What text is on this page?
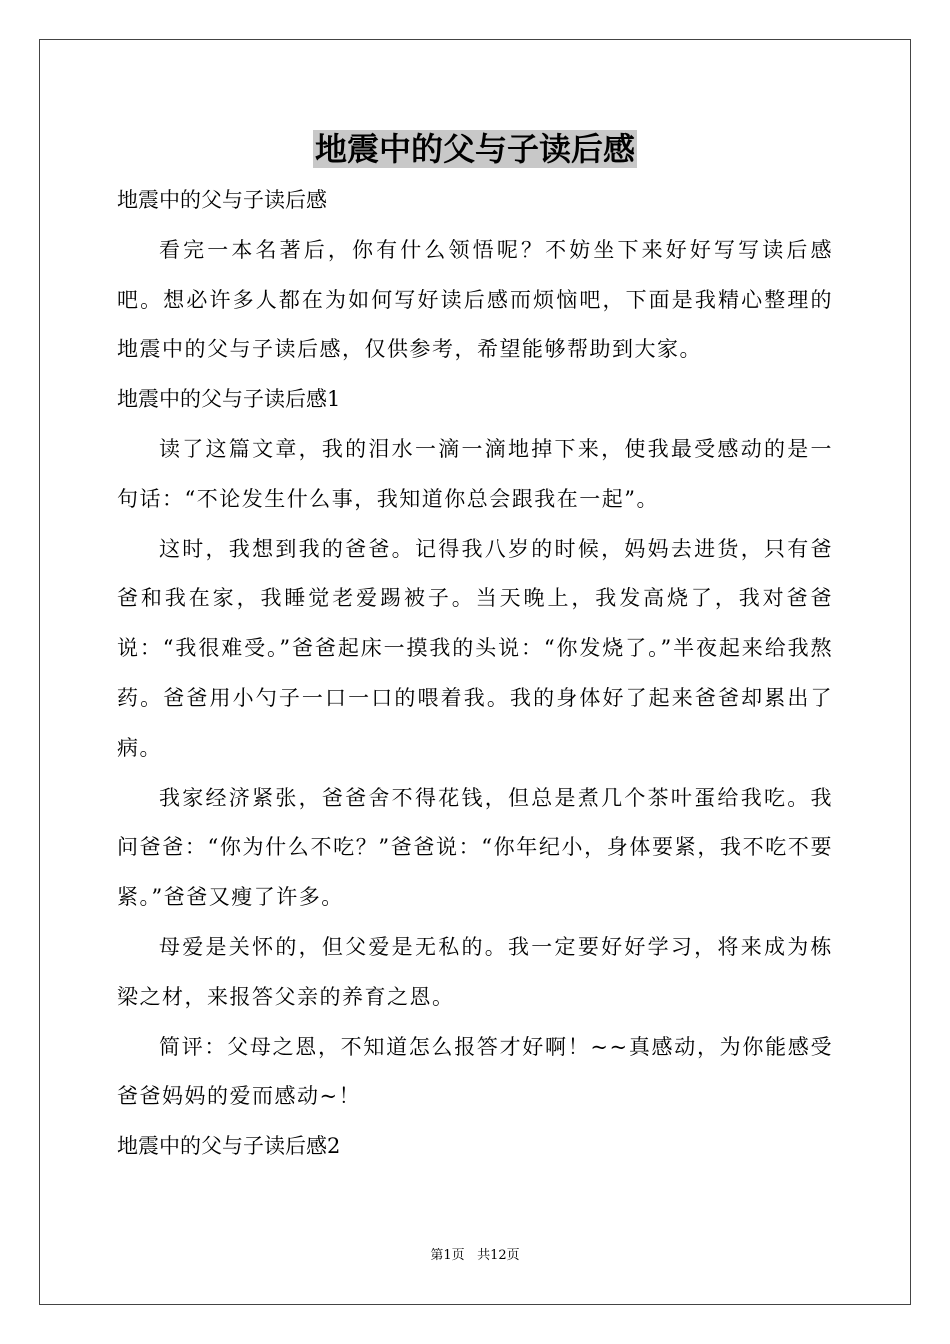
地震中的父与子读后感

地震中的父与子读后感

看完一本名著后，你有什么领悟呢？不妨坐下来好好写写读后感吧。想必许多人都在为如何写好读后感而烦恼吧，下面是我精心整理的地震中的父与子读后感，仅供参考，希望能够帮助到大家。

地震中的父与子读后感1

读了这篇文章，我的泪水一滴一滴地掉下来，使我最受感动的是一句话：“不论发生什么事，我知道你总会跟我在一起”。

这时，我想到我的爸爸。记得我八岁的时候，妈妈去进货，只有爸爸和我在家，我睡觉老爱踢被子。当天晚上，我发高烧了，我对爸爸说：“我很难受。”爸爸起床一摸我的头说：“你发烧了。”半夜起来给我熬药。爸爸用小勺子一口一口的喂着我。我的身体好了起来爸爸却累出了病。

我家经济紧张，爸爸舍不得花钱，但总是煮几个茶叶蛋给我吃。我问爸爸：“你为什么不吃？”爸爸说：“你年纪小，身体要紧，我不吃不要紧。”爸爸又瘦了许多。

母爱是关怀的，但父爱是无私的。我一定要好好学习，将来成为栋梁之材，来报答父亲的养育之恩。

简评：父母之恩，不知道怎么报答才好啊！~~真感动，为你能感受爸爸妈妈的爱而感动~！

地震中的父与子读后感2

第1页 共12页
